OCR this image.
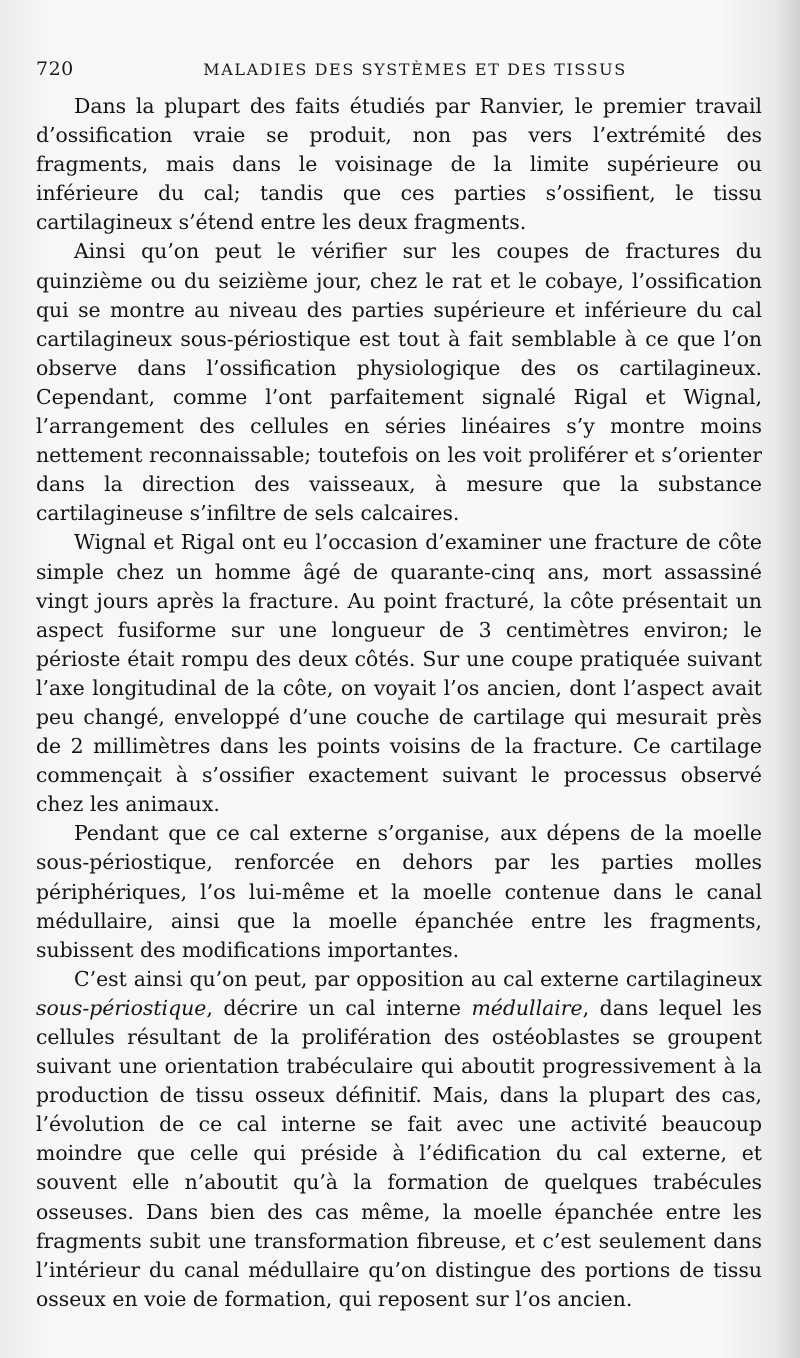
720	MALADIES DES SYSTÈMES ET DES TISSUS

Dans la plupart des faits étudiés par Ranvier, le premier travail d’ossification vraie se produit, non pas vers l’extrémité des fragments, mais dans le voisinage de la limite supérieure ou inférieure du cal; tandis que ces parties s’ossifient, le tissu cartilagineux s’étend entre les deux fragments.

Ainsi qu’on peut le vérifier sur les coupes de fractures du quinzième ou du seizième jour, chez le rat et le cobaye, l’ossification qui se montre au niveau des parties supérieure et inférieure du cal cartilagineux sous-périostique est tout à fait semblable à ce que l’on observe dans l’ossification physiologique des os cartilagineux. Cependant, comme l’ont parfaitement signalé Rigal et Wignal, l’arrangement des cellules en séries linéaires s’y montre moins nettement reconnaissable; toutefois on les voit proliférer et s’orienter dans la direction des vaisseaux, à mesure que la substance cartilagineuse s’infiltre de sels calcaires.

Wignal et Rigal ont eu l’occasion d’examiner une fracture de côte simple chez un homme âgé de quarante-cinq ans, mort assassiné vingt jours après la fracture. Au point fracturé, la côte présentait un aspect fusiforme sur une longueur de 3 centimètres environ; le périoste était rompu des deux côtés. Sur une coupe pratiquée suivant l’axe longitudinal de la côte, on voyait l’os ancien, dont l’aspect avait peu changé, enveloppé d’une couche de cartilage qui mesurait près de 2 millimètres dans les points voisins de la fracture. Ce cartilage commençait à s’ossifier exactement suivant le processus observé chez les animaux.

Pendant que ce cal externe s’organise, aux dépens de la moelle sous-périostique, renforcée en dehors par les parties molles périphériques, l’os lui-même et la moelle contenue dans le canal médullaire, ainsi que la moelle épanchée entre les fragments, subissent des modifications importantes.

C’est ainsi qu’on peut, par opposition au cal externe cartilagineux sous-périostique, décrire un cal interne médullaire, dans lequel les cellules résultant de la prolifération des ostéoblastes se groupent suivant une orientation trabéculaire qui aboutit progressivement à la production de tissu osseux définitif. Mais, dans la plupart des cas, l’évolution de ce cal interne se fait avec une activité beaucoup moindre que celle qui préside à l’édification du cal externe, et souvent elle n’aboutit qu’à la formation de quelques trabécules osseuses. Dans bien des cas même, la moelle épanchée entre les fragments subit une transformation fibreuse, et c’est seulement dans l’intérieur du canal médullaire qu’on distingue des portions de tissu osseux en voie de formation, qui reposent sur l’os ancien.
